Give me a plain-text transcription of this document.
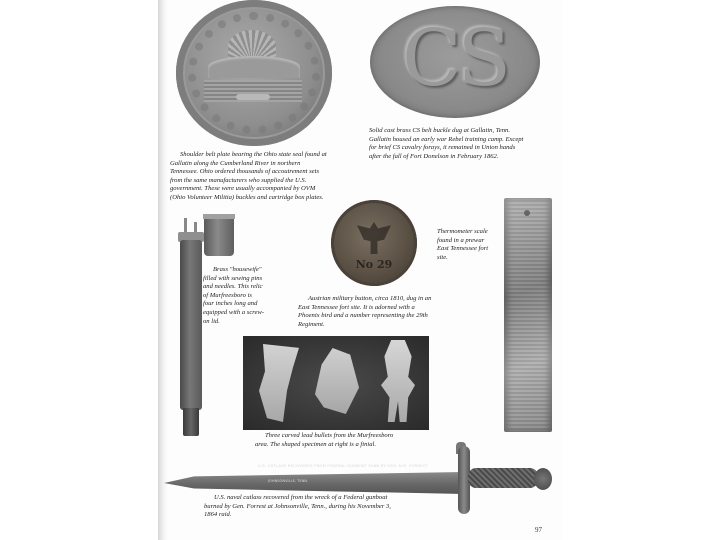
Shoulder belt plate bearing the Ohio state seal found at
Gallatin along the Cumberland River in northern
Tennessee. Ohio ordered thousands of accoutrement sets
from the same manufacturers who supplied the U.S.
government. These were usually accompanied by OVM
(Ohio Volunteer Militia) buckles and cartridge box plates.
CS
Solid cast brass CS belt buckle dug at Gallatin, Tenn.
Gallatin housed an early war Rebel training camp. Except
for brief CS cavalry forays, it remained in Union hands
after the fall of Fort Donelson in February 1862.
Brass "housewife"
filled with sewing pins
and needles. This relic
of Murfreesboro is
four inches long and
equipped with a screw-
on lid.
No 29
Austrian military button, circa 1810, dug in an
East Tennessee fort site. It is adorned with a
Phoenix bird and a number representing the 29th
Regiment.
Thermometer scale
found in a prewar
East Tennessee fort
site.
Three carved lead bullets from the Murfreesboro
area. The shaped specimen at right is a finial.
U.S. CUTLASS RECOVERED FROM FEDERAL GUNBOAT SUNK BY GEN. N.B. FORREST
JOHNSONVILLE, TENN.
U.S. naval cutlass recovered from the wreck of a Federal gunboat
burned by Gen. Forrest at Johnsonville, Tenn., during his November 3,
1864 raid.
97
